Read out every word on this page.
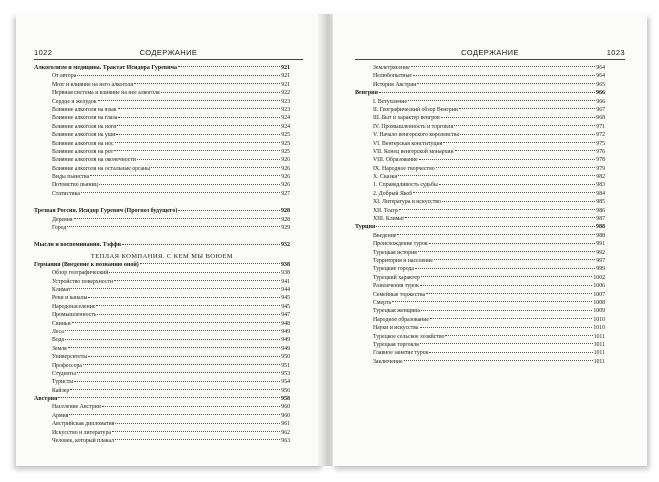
1022	СОДЕРЖАНИЕ
Алкоголизм и медицина. Трактат Исидора Гуревича	921
От автора	921
Мозг и влияние на него алкоголя	921
Нервная система и влияние на нее алкоголя	922
Сердце и желудок	923
Влияние алкоголя на язык	923
Влияние алкоголя на глаза	924
Влияние алкоголя на ноги	924
Влияние алкоголя на уши	925
Влияние алкоголя на нос	925
Влияние алкоголя на рот	925
Влияние алкоголя на оконечности	926
Влияние алкоголя на остальные органы	926
Виды пьянства	926
Потомство пьяниц	926
Статистика	927
Трезвая Россия. Исидор Гуревич (Прогноз будущего)	928
Деревня	928
Город	929
Мысли и воспоминания. Тэффи	932
ТЕПЛАЯ КОМПАНИЯ. С КЕМ МЫ ВОЮЕМ
Германия (Введение к познанию оной)	938
Обзор географический	938
Устройство поверхности	941
Климат	944
Реки и каналы	945
Народонаселение	945
Промышленность	947
Свиньи	948
Леса	949
Вода	949
Земля	949
Университеты	950
Профессора	951
Студенты	953
Туристы	954
Кайзер	956
Австрия	958
Население Австрии	960
Армия	960
Австрийская дипломатия	961
Искусство и литература	962
Человек, который плакал	963
СОДЕРЖАНИЕ	1023
Землетрясение	964
Нелюбопытные	964
История Австрии	965
Венгрия	966
I. Вступление	966
II. Географический обзор Венгрии	967
III. Быт и характер венгров	968
IV. Промышленность и торговля	971
V. Начало венгерского королевства	972
VI. Венгерская конституция	975
VII. Конец венгерской монархии	976
VIII. Образование	978
IX. Народное творчество	979
X. Сказки	982
1. Справедливость судьбы	983
2. Добрый Якоб	984
XI. Литература и искусство	985
XII. Театр	986
XIII. Климат	987
Турция	988
Введение	988
Происхождение турок	991
Турецкая история	992
Территория и население	997
Турецкие города	999
Турецкий характер	1002
Развлечения турок	1006
Семейные торжества	1007
Смерть	1008
Турецкая женщина	1009
Народное образование	1010
Науки и искусства	1010
Турецкое сельское хозяйство	1011
Турецкая торговля	1011
Главное занятие турок	1011
Заключение	1011
